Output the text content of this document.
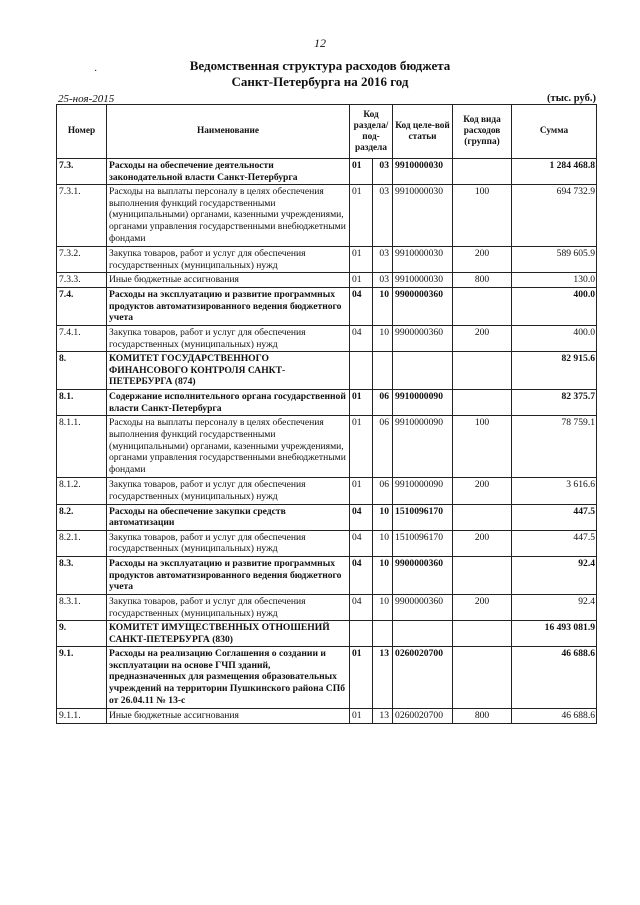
12
·	Ведомственная структура расходов бюджета
Санкт-Петербурга на 2016 год
25-ноя-2015	(тыс. руб.)
Номер	Наименование	Код раздела/ под-раздела		Код целе-вой статьи	Код вида расходов (группа)	Сумма
7.3.	Расходы на обеспечение деятельности законодательной власти Санкт-Петербурга	01	03	9910000030		1 284 468.8
7.3.1.	Расходы на выплаты персоналу в целях обеспечения выполнения функций государственными (муниципальными) органами, казенными учреждениями, органами управления государственными внебюджетными фондами	01	03	9910000030	100	694 732.9
7.3.2.	Закупка товаров, работ и услуг для обеспечения государственных (муниципальных) нужд	01	03	9910000030	200	589 605.9
7.3.3.	Иные бюджетные ассигнования	01	03	9910000030	800	130.0
7.4.	Расходы на эксплуатацию и развитие программных продуктов автоматизированного ведения бюджетного учета	04	10	9900000360		400.0
7.4.1.	Закупка товаров, работ и услуг для обеспечения государственных (муниципальных) нужд	04	10	9900000360	200	400.0
8.	КОМИТЕТ ГОСУДАРСТВЕННОГО ФИНАНСОВОГО КОНТРОЛЯ САНКТ-ПЕТЕРБУРГА (874)					82 915.6
8.1.	Содержание исполнительного органа государственной власти Санкт-Петербурга	01	06	9910000090		82 375.7
8.1.1.	Расходы на выплаты персоналу в целях обеспечения выполнения функций государственными (муниципальными) органами, казенными учреждениями, органами управления государственными внебюджетными фондами	01	06	9910000090	100	78 759.1
8.1.2.	Закупка товаров, работ и услуг для обеспечения государственных (муниципальных) нужд	01	06	9910000090	200	3 616.6
8.2.	Расходы на обеспечение закупки средств автоматизации	04	10	1510096170		447.5
8.2.1.	Закупка товаров, работ и услуг для обеспечения государственных (муниципальных) нужд	04	10	1510096170	200	447.5
8.3.	Расходы на эксплуатацию и развитие программных продуктов автоматизированного ведения бюджетного учета	04	10	9900000360		92.4
8.3.1.	Закупка товаров, работ и услуг для обеспечения государственных (муниципальных) нужд	04	10	9900000360	200	92.4
9.	КОМИТЕТ ИМУЩЕСТВЕННЫХ ОТНОШЕНИЙ САНКТ-ПЕТЕРБУРГА (830)					16 493 081.9
9.1.	Расходы на реализацию Соглашения о создании и эксплуатации на основе ГЧП зданий, предназначенных для размещения образовательных учреждений на территории Пушкинского района СПб от 26.04.11 № 13-с	01	13	0260020700		46 688.6
9.1.1.	Иные бюджетные ассигнования	01	13	0260020700	800	46 688.6
